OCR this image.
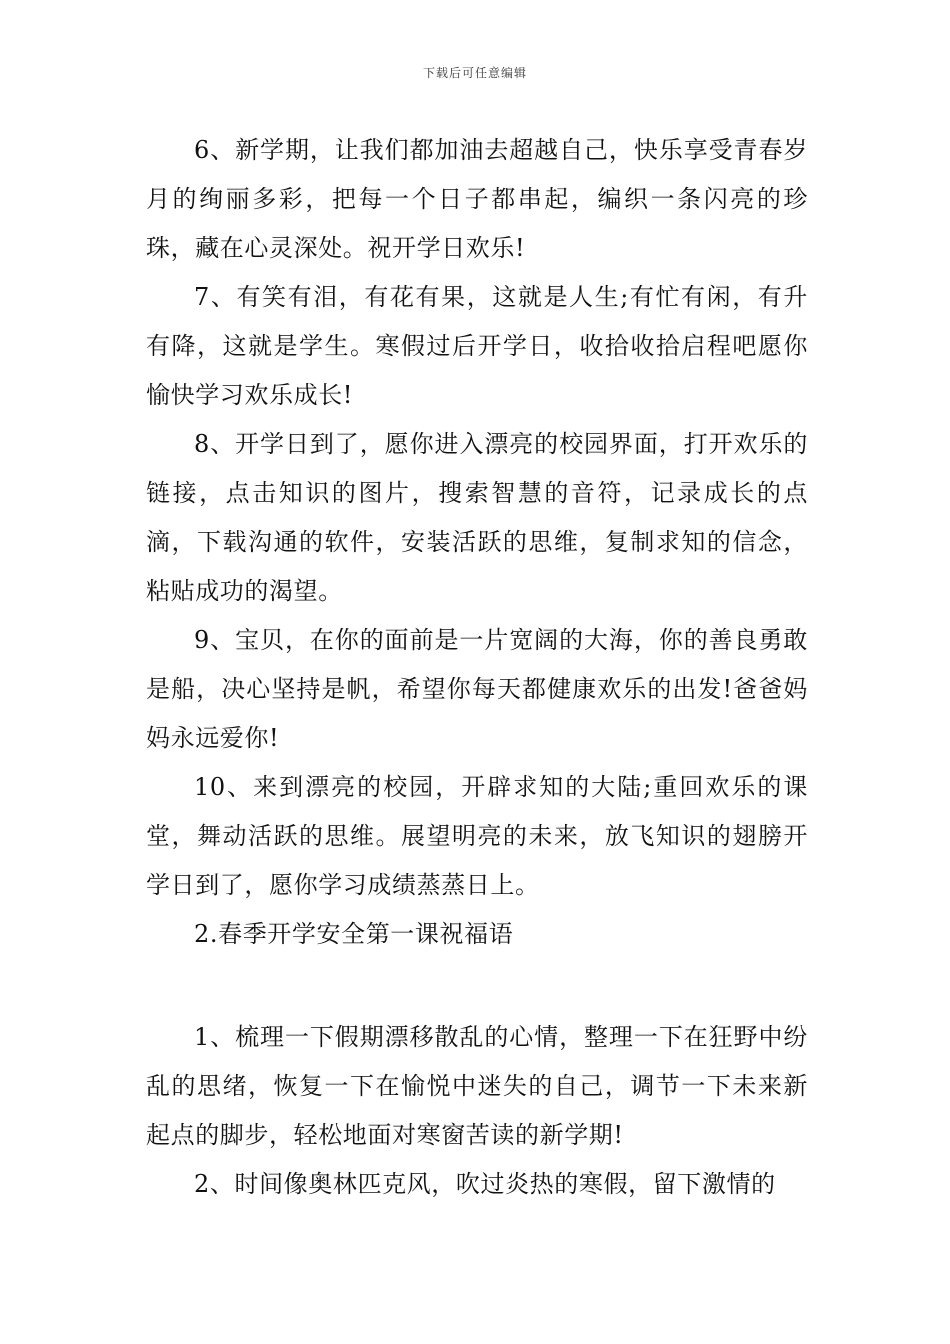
下载后可任意编辑

6、新学期，让我们都加油去超越自己，快乐享受青春岁月的绚丽多彩，把每一个日子都串起，编织一条闪亮的珍珠，藏在心灵深处。祝开学日欢乐!

7、有笑有泪，有花有果，这就是人生;有忙有闲，有升有降，这就是学生。寒假过后开学日，收拾收拾启程吧愿你愉快学习欢乐成长!

8、开学日到了，愿你进入漂亮的校园界面，打开欢乐的链接，点击知识的图片，搜索智慧的音符，记录成长的点滴，下载沟通的软件，安装活跃的思维，复制求知的信念，粘贴成功的渴望。

9、宝贝，在你的面前是一片宽阔的大海，你的善良勇敢是船，决心坚持是帆，希望你每天都健康欢乐的出发!爸爸妈妈永远爱你!

10、来到漂亮的校园，开辟求知的大陆;重回欢乐的课堂，舞动活跃的思维。展望明亮的未来，放飞知识的翅膀开学日到了，愿你学习成绩蒸蒸日上。

2.春季开学安全第一课祝福语

1、梳理一下假期漂移散乱的心情，整理一下在狂野中纷乱的思绪，恢复一下在愉悦中迷失的自己，调节一下未来新起点的脚步，轻松地面对寒窗苦读的新学期!

2、时间像奥林匹克风，吹过炎热的寒假，留下激情的
